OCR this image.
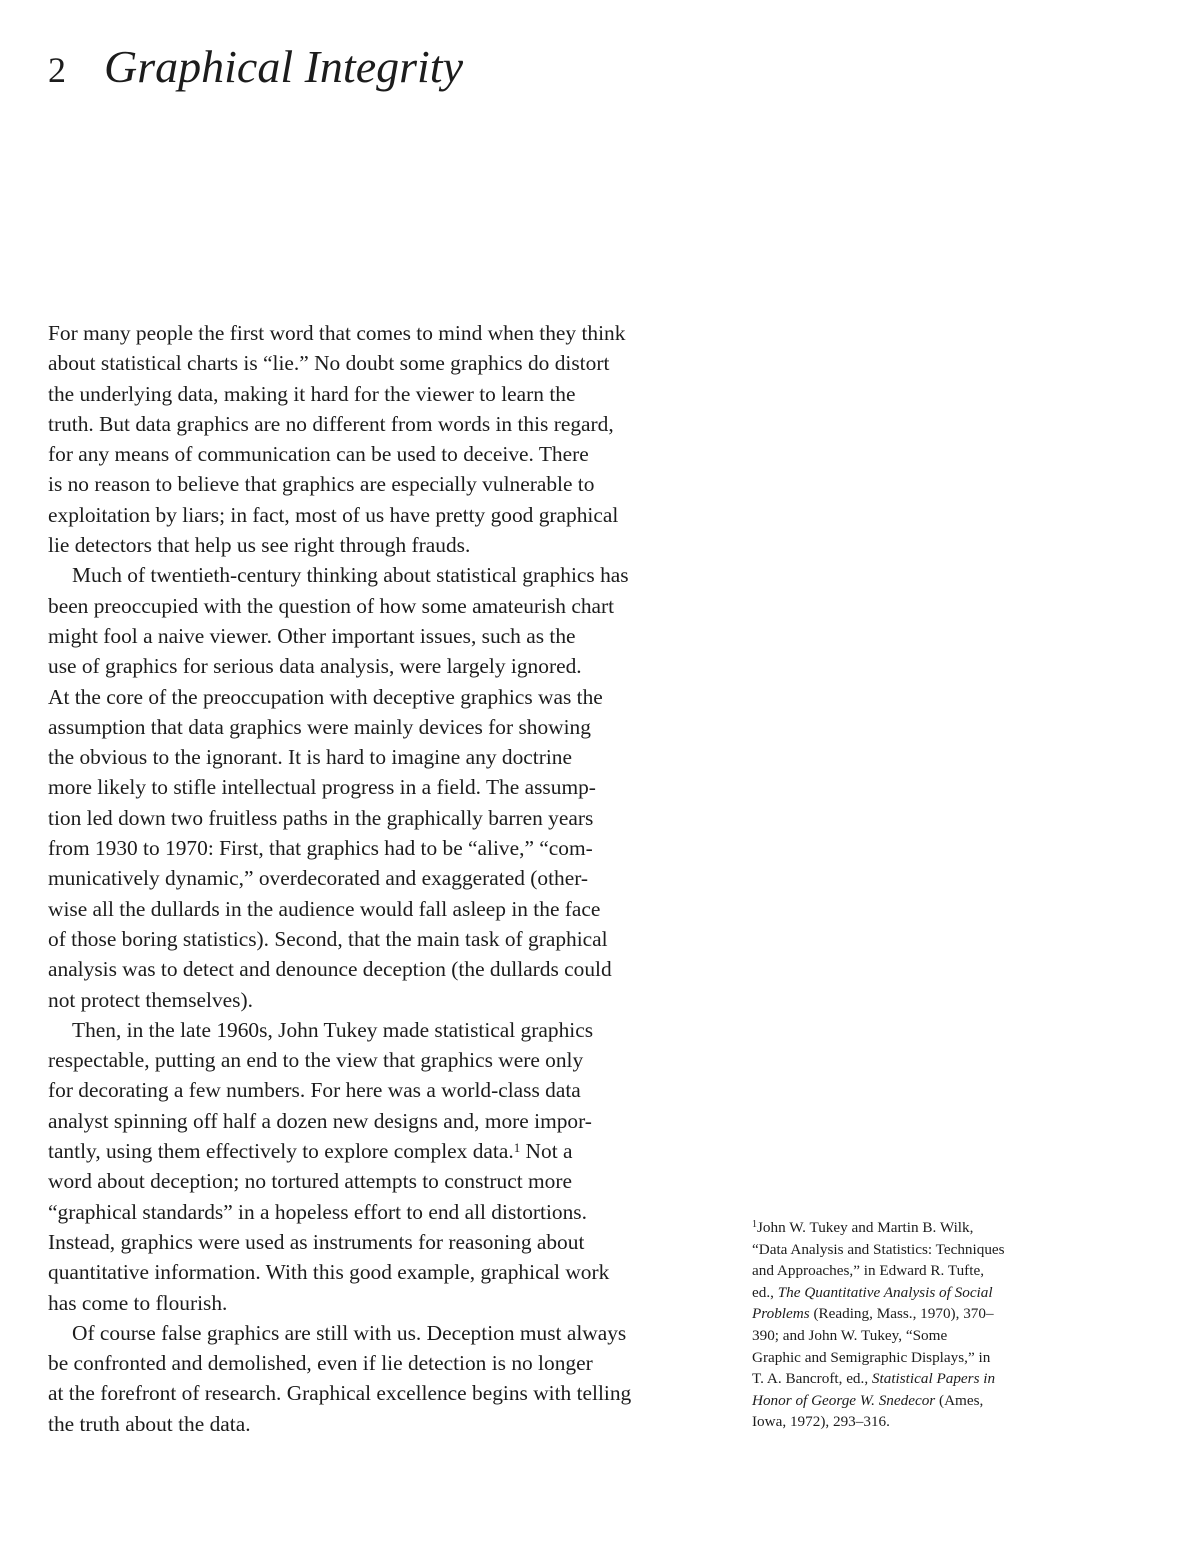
2 Graphical Integrity
For many people the first word that comes to mind when they think
about statistical charts is “lie.” No doubt some graphics do distort
the underlying data, making it hard for the viewer to learn the
truth. But data graphics are no different from words in this regard,
for any means of communication can be used to deceive. There
is no reason to believe that graphics are especially vulnerable to
exploitation by liars; in fact, most of us have pretty good graphical
lie detectors that help us see right through frauds.
Much of twentieth-century thinking about statistical graphics has
been preoccupied with the question of how some amateurish chart
might fool a naive viewer. Other important issues, such as the
use of graphics for serious data analysis, were largely ignored.
At the core of the preoccupation with deceptive graphics was the
assumption that data graphics were mainly devices for showing
the obvious to the ignorant. It is hard to imagine any doctrine
more likely to stifle intellectual progress in a field. The assump-
tion led down two fruitless paths in the graphically barren years
from 1930 to 1970: First, that graphics had to be “alive,” “com-
municatively dynamic,” overdecorated and exaggerated (other-
wise all the dullards in the audience would fall asleep in the face
of those boring statistics). Second, that the main task of graphical
analysis was to detect and denounce deception (the dullards could
not protect themselves).
Then, in the late 1960s, John Tukey made statistical graphics
respectable, putting an end to the view that graphics were only
for decorating a few numbers. For here was a world-class data
analyst spinning off half a dozen new designs and, more impor-
tantly, using them effectively to explore complex data.$^1$ Not a
word about deception; no tortured attempts to construct more
“graphical standards” in a hopeless effort to end all distortions.
Instead, graphics were used as instruments for reasoning about
quantitative information. With this good example, graphical work
has come to flourish.
Of course false graphics are still with us. Deception must always
be confronted and demolished, even if lie detection is no longer
at the forefront of research. Graphical excellence begins with telling
the truth about the data.
$^1$John W. Tukey and Martin B. Wilk,
“Data Analysis and Statistics: Techniques
and Approaches,” in Edward R. Tufte,
ed., The Quantitative Analysis of Social
Problems (Reading, Mass., 1970), 370–
390; and John W. Tukey, “Some
Graphic and Semigraphic Displays,” in
T. A. Bancroft, ed., Statistical Papers in
Honor of George W. Snedecor (Ames,
Iowa, 1972), 293–316.
